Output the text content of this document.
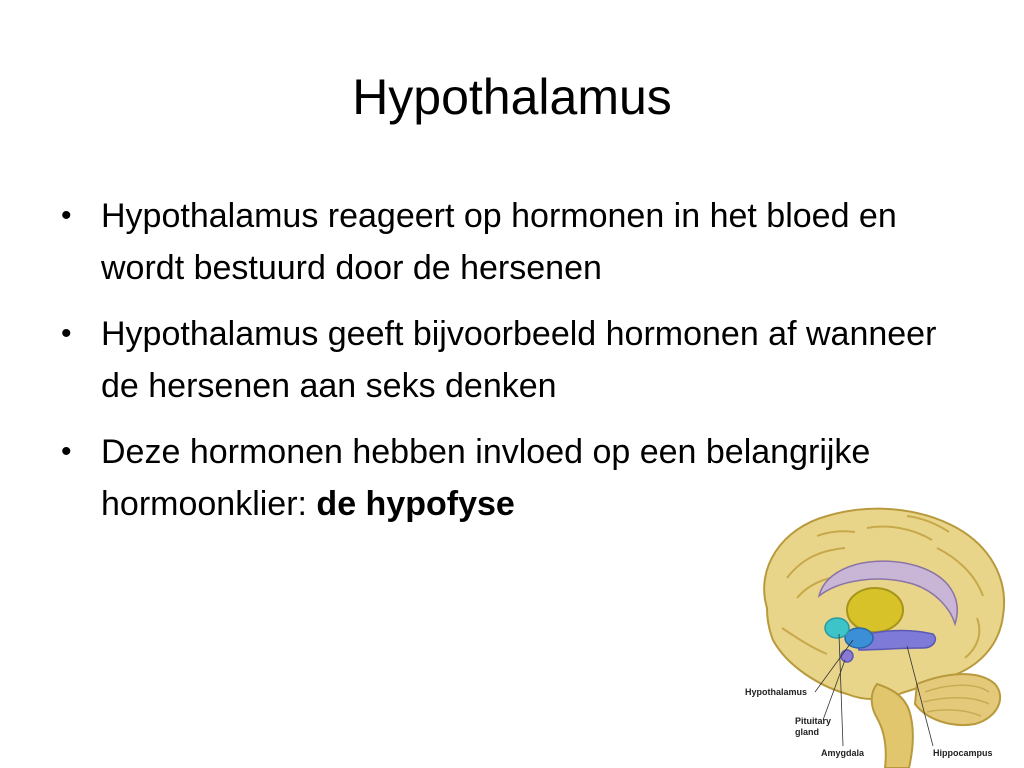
Hypothalamus
• Hypothalamus reageert op hormonen in het bloed en wordt bestuurd door de hersenen
• Hypothalamus geeft bijvoorbeeld hormonen af wanneer de hersenen aan seks denken
• Deze hormonen hebben invloed op een belangrijke hormoonklier: de hypofyse
Hypothalamus
Pituitary
gland
Amygdala	Hippocampus
